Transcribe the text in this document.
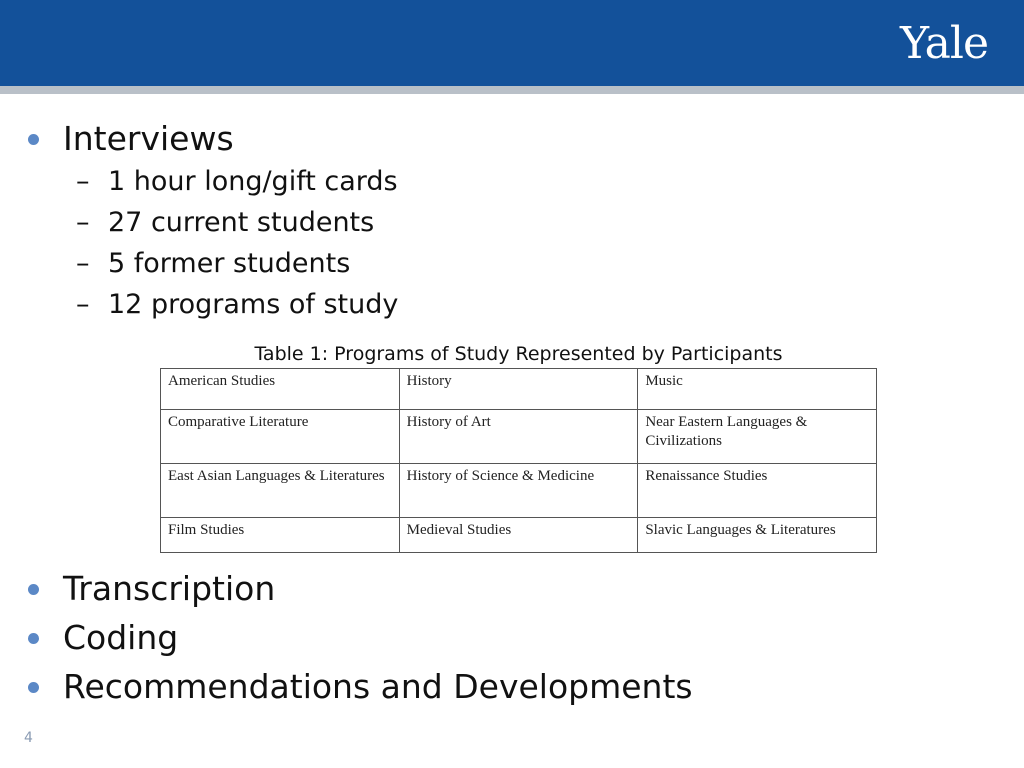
Yale
Interviews
– 1 hour long/gift cards
– 27 current students
– 5 former students
– 12 programs of study
Table 1: Programs of Study Represented by Participants
American Studies	History	Music
Comparative Literature	History of Art	Near Eastern Languages & Civilizations
East Asian Languages & Literatures	History of Science & Medicine	Renaissance Studies
Film Studies	Medieval Studies	Slavic Languages & Literatures
Transcription
Coding
Recommendations and Developments
4
